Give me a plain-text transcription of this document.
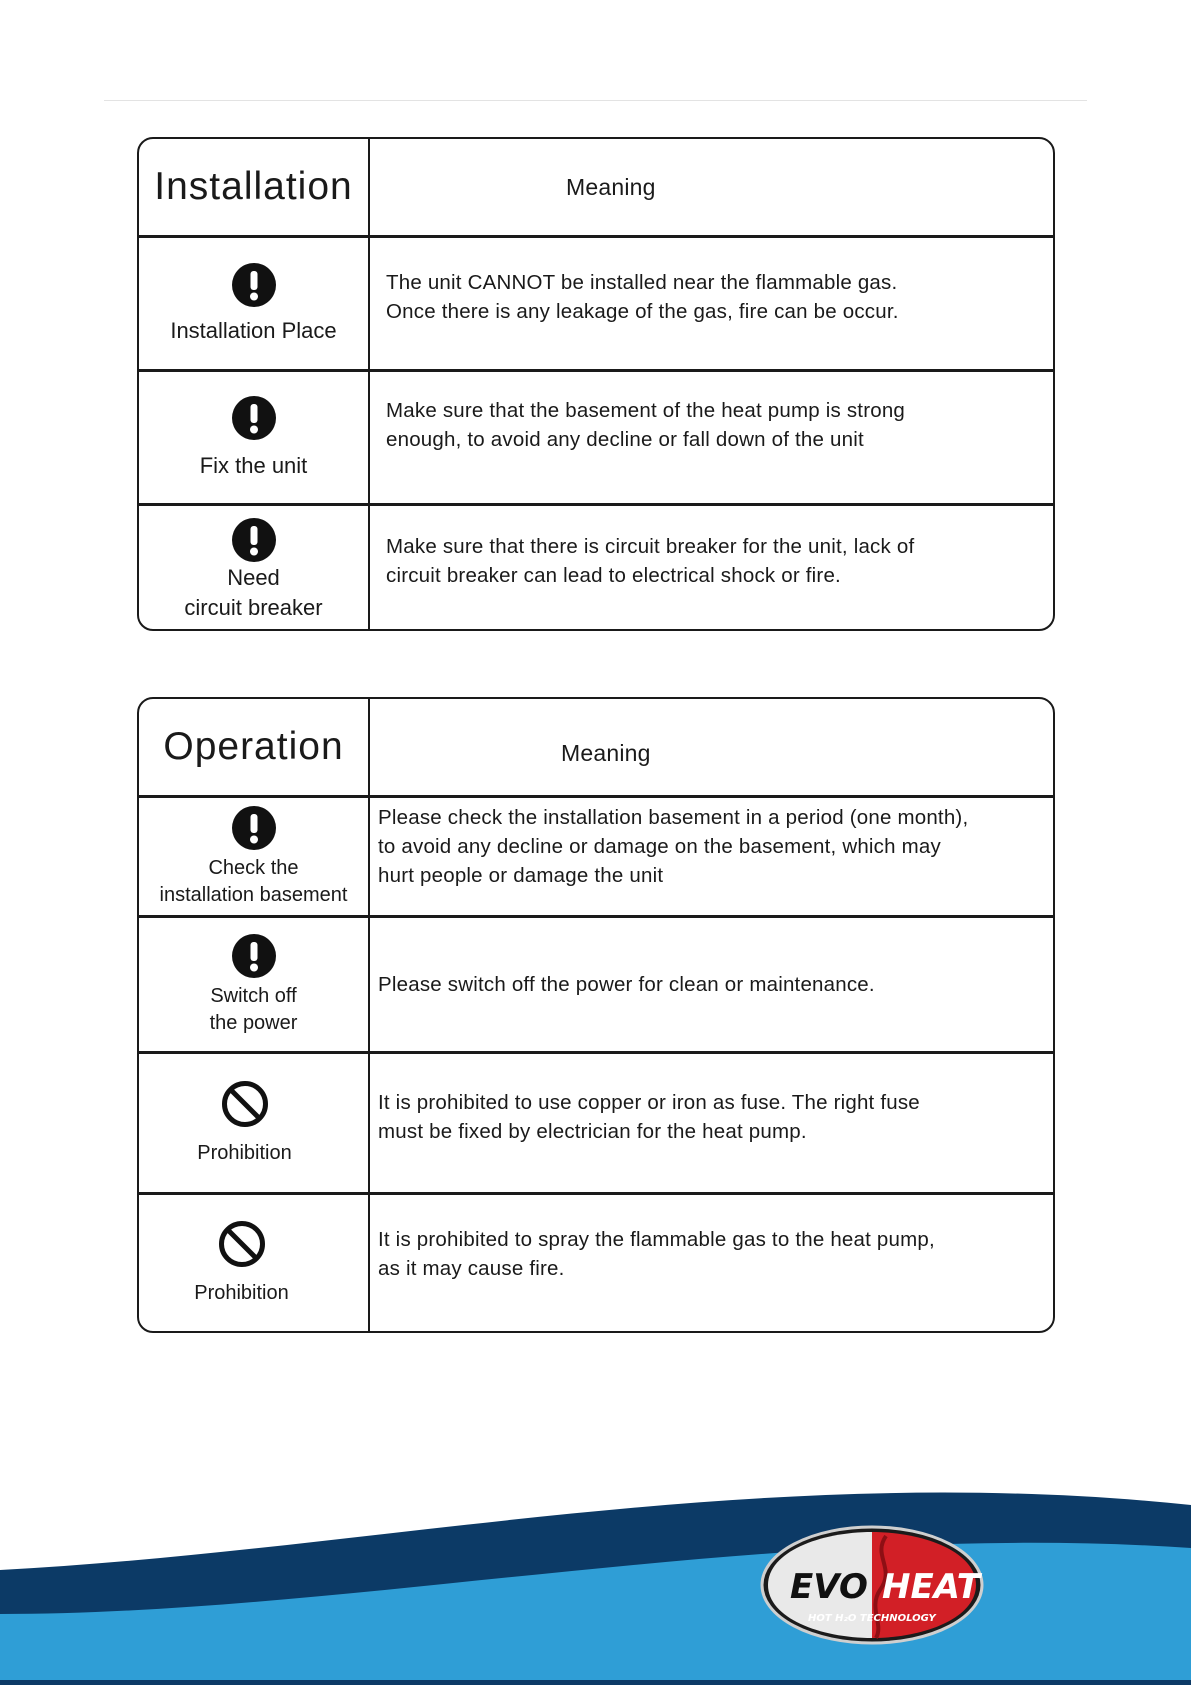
Installation	Meaning
Installation Place
The unit CANNOT be installed near the flammable gas.
Once there is any leakage of the gas, fire can be occur.
Fix the unit
Make sure that the basement of the heat pump is strong
enough, to avoid any decline or fall down of the unit
Need
circuit breaker
Make sure that there is circuit breaker for the unit, lack of
circuit breaker can lead to electrical shock or fire.
Operation	Meaning
Check the
installation basement
Please check the installation basement in a period (one month),
to avoid any decline or damage on the basement, which may
hurt people or damage the unit
Switch off
the power
Please switch off the power for clean or maintenance.
Prohibition
It is prohibited to use copper or iron as fuse. The right fuse
must be fixed by electrician for the heat pump.
Prohibition
It is prohibited to spray the flammable gas to the heat pump,
as it may cause fire.
EVO HEAT
HOT H₂O TECHNOLOGY
